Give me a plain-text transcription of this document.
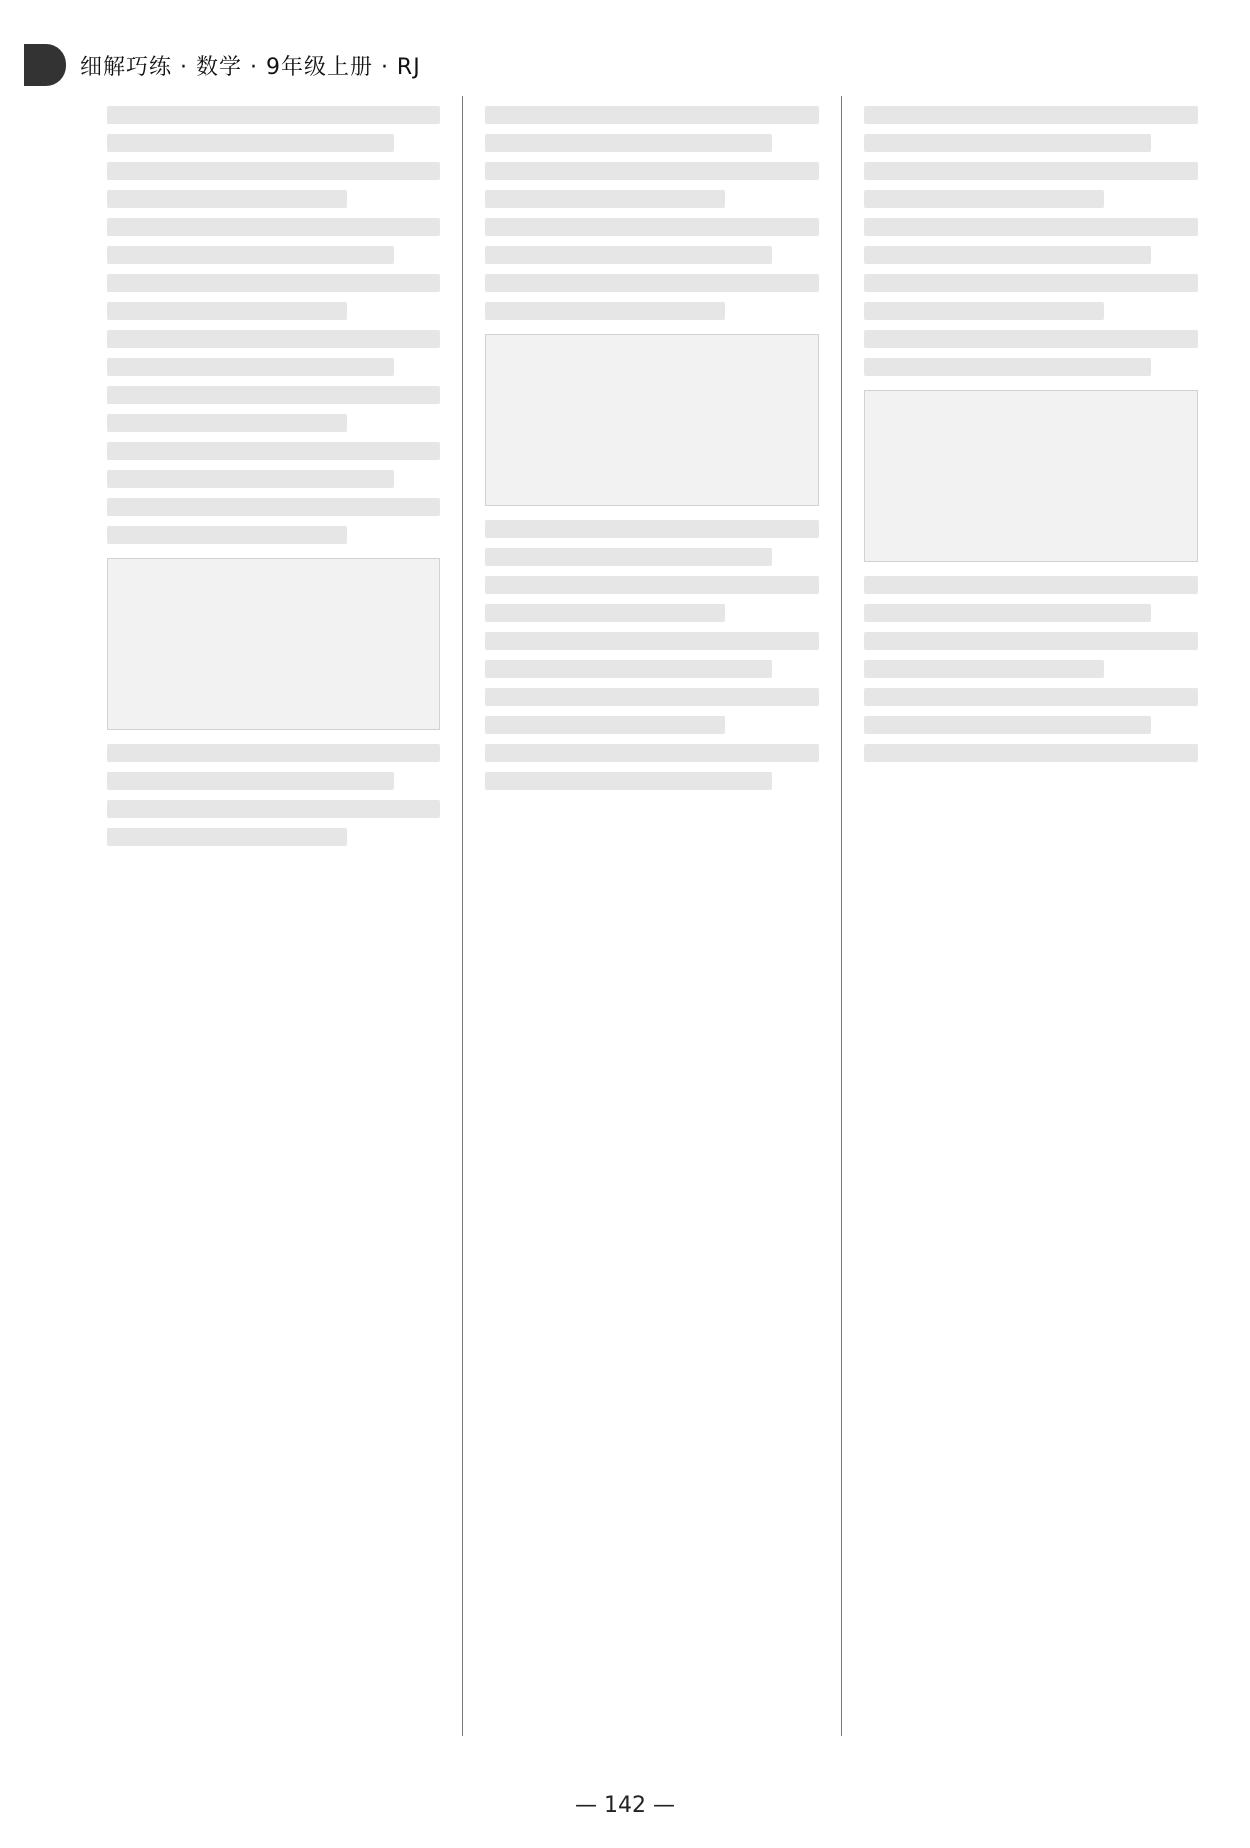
细解巧练 · 数学 · 9年级上册 · RJ
— 142 —
